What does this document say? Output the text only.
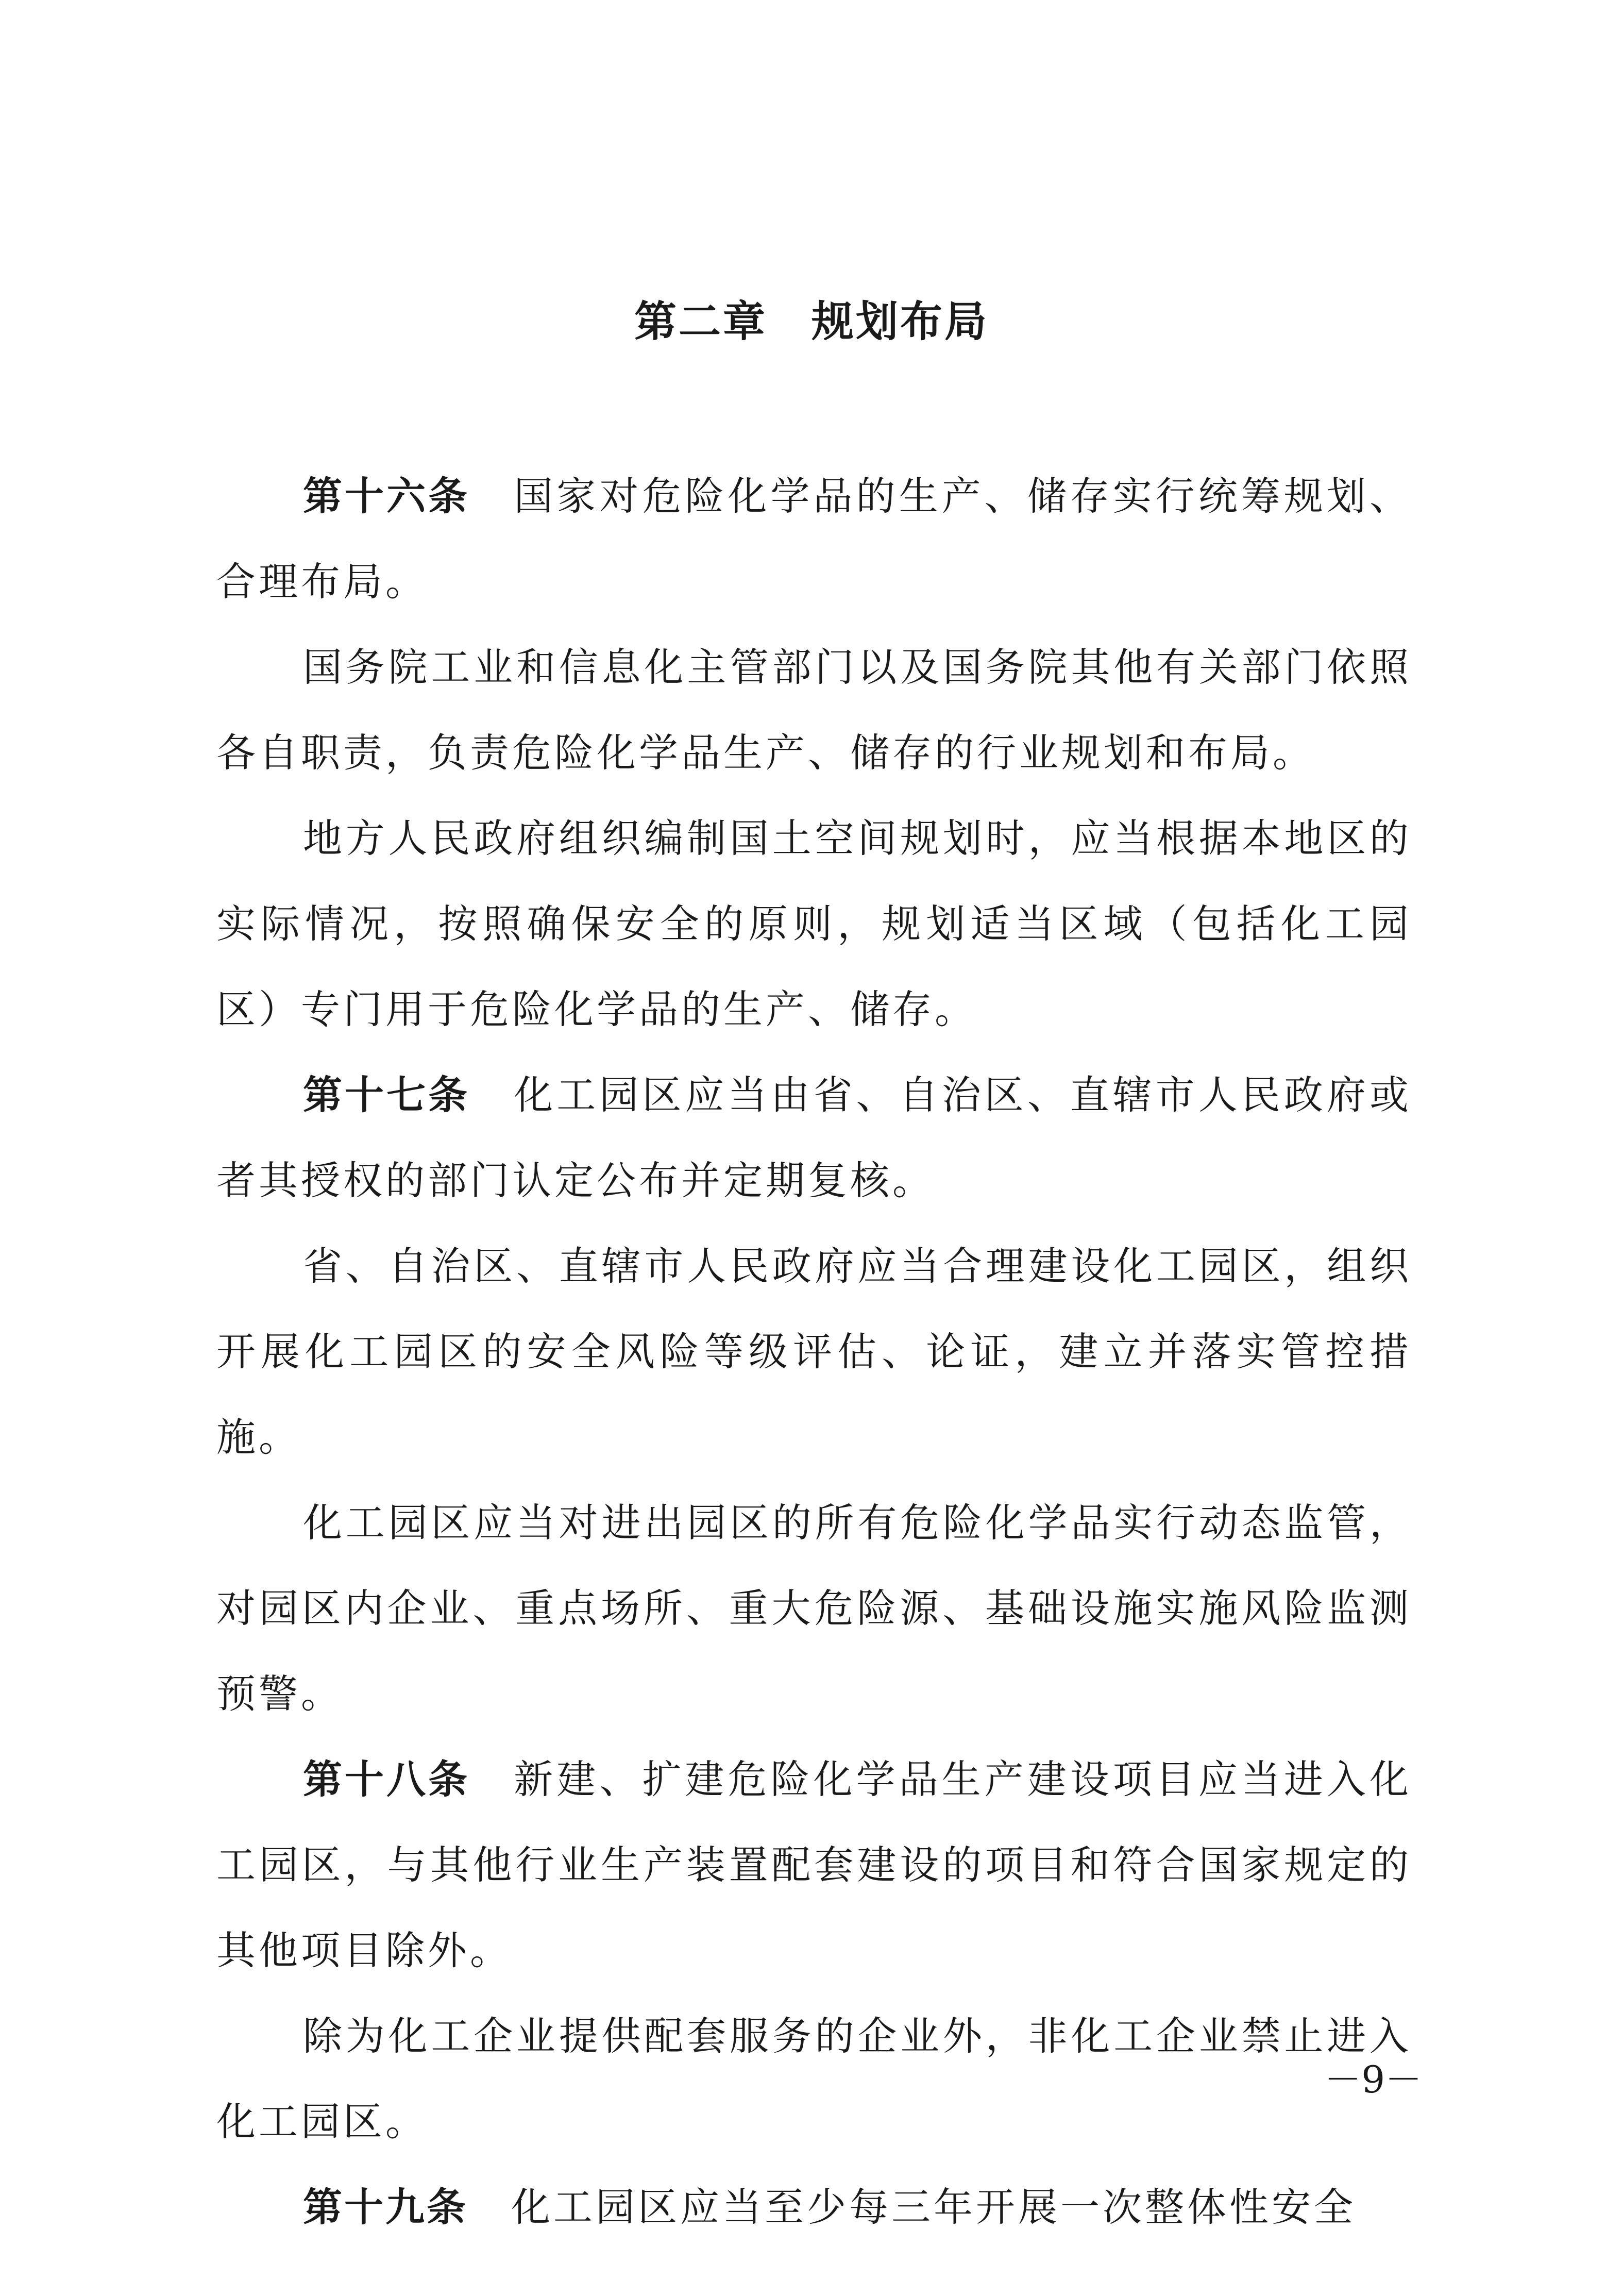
第二章　规划布局

第十六条 国家对危险化学品的生产、储存实行统筹规划、合理布局。

国务院工业和信息化主管部门以及国务院其他有关部门依照各自职责，负责危险化学品生产、储存的行业规划和布局。

地方人民政府组织编制国土空间规划时，应当根据本地区的实际情况，按照确保安全的原则，规划适当区域（包括化工园区）专门用于危险化学品的生产、储存。

第十七条 化工园区应当由省、自治区、直辖市人民政府或者其授权的部门认定公布并定期复核。

省、自治区、直辖市人民政府应当合理建设化工园区，组织开展化工园区的安全风险等级评估、论证，建立并落实管控措施。

化工园区应当对进出园区的所有危险化学品实行动态监管，对园区内企业、重点场所、重大危险源、基础设施实施风险监测预警。

第十八条 新建、扩建危险化学品生产建设项目应当进入化工园区，与其他行业生产装置配套建设的项目和符合国家规定的其他项目除外。

除为化工企业提供配套服务的企业外，非化工企业禁止进入化工园区。

第十九条 化工园区应当至少每三年开展一次整体性安全

－9－
